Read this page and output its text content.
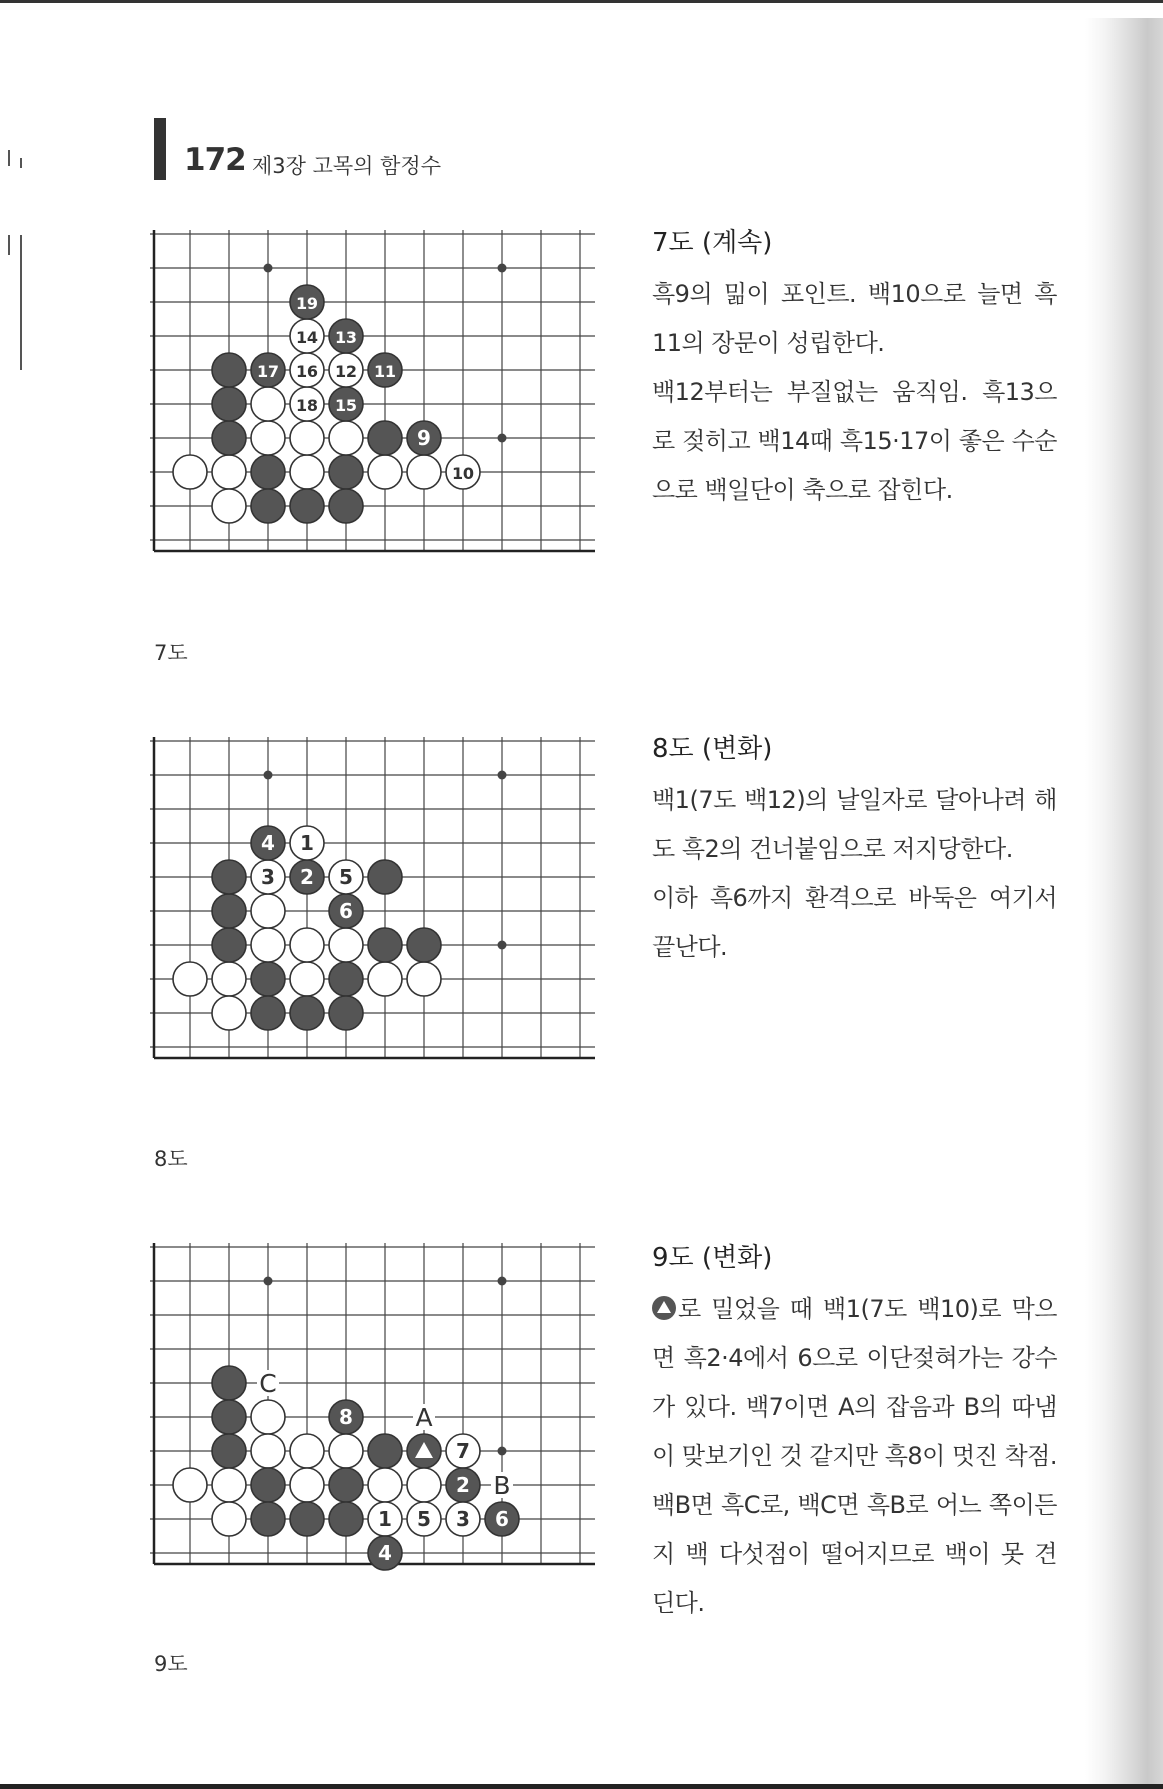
172 제3장 고목의 함정수
10
9
18 15
17 16 12 11
14 13
19
7도
7도 (계속)

흑9의 밂이 포인트. 백10으로 늘면 흑11의 장문이 성립한다.

백12부터는 부질없는 움직임. 흑13으로 젖히고 백14때 흑15·17이 좋은 수순으로 백일단이 축으로 잡힌다.

6
3 2 5
4 1
8도
8도 (변화)

백1(7도 백12)의 날일자로 달아나려 해도 흑2의 건너붙임으로 저지당한다.

이하 흑6까지 환격으로 바둑은 여기서 끝난다.

8
7
2
1 5 3 6
4
C
A
B
9도
9도 (변화)

로 밀었을 때 백1(7도 백10)로 막으면 흑2·4에서 6으로 이단젖혀가는 강수가 있다. 백7이면 A의 잡음과 B의 따냄이 맞보기인 것 같지만 흑8이 멋진 착점. 백B면 흑C로, 백C면 흑B로 어느 쪽이든지 백 다섯점이 떨어지므로 백이 못 견딘다.
